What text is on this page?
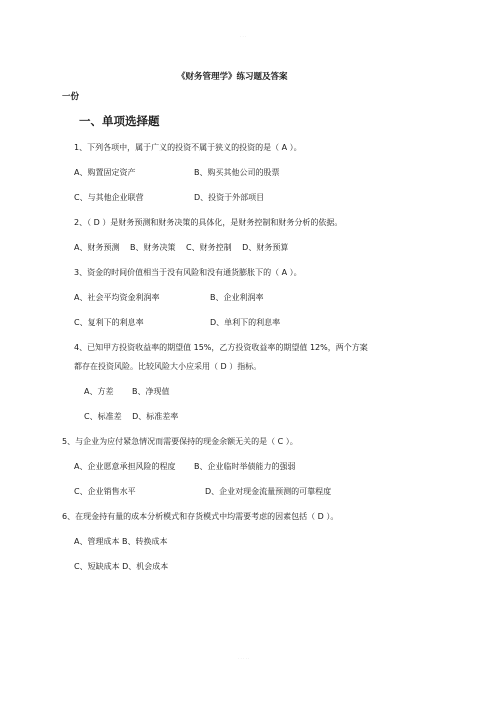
· · ·
《财务管理学》练习题及答案
一份
一、单项选择题
1、下列各项中，属于广义的投资不属于狭义的投资的是（ A ）。
A、购置固定资产	B、购买其他公司的股票
C、与其他企业联营	D、投资于外部项目
2、（ D ）是财务预测和财务决策的具体化，是财务控制和财务分析的依据。
A、财务预测　 B、财务决策　 C、财务控制　 D、财务预算
3、资金的时间价值相当于没有风险和没有通货膨胀下的（ A ）。
A、社会平均资金利润率	B、企业利润率
C、复利下的利息率	D、单利下的利息率
4、已知甲方投资收益率的期望值 15%，乙方投资收益率的期望值 12%，两个方案
都存在投资风险。比较风险大小应采用（ D ）指标。
A、方差　　 B、净现值
C、标准差　 D、标准差率
5、与企业为应付紧急情况而需要保持的现金余额无关的是（ C ）。
A、企业愿意承担风险的程度 B、企业临时举债能力的强弱
C、企业销售水平	D、企业对现金流量预测的可靠程度
6、在现金持有量的成本分析模式和存货模式中均需要考虑的因素包括（ D ）。
A、管理成本 B、转换成本
C、短缺成本 D、机会成本
· · · · ·
